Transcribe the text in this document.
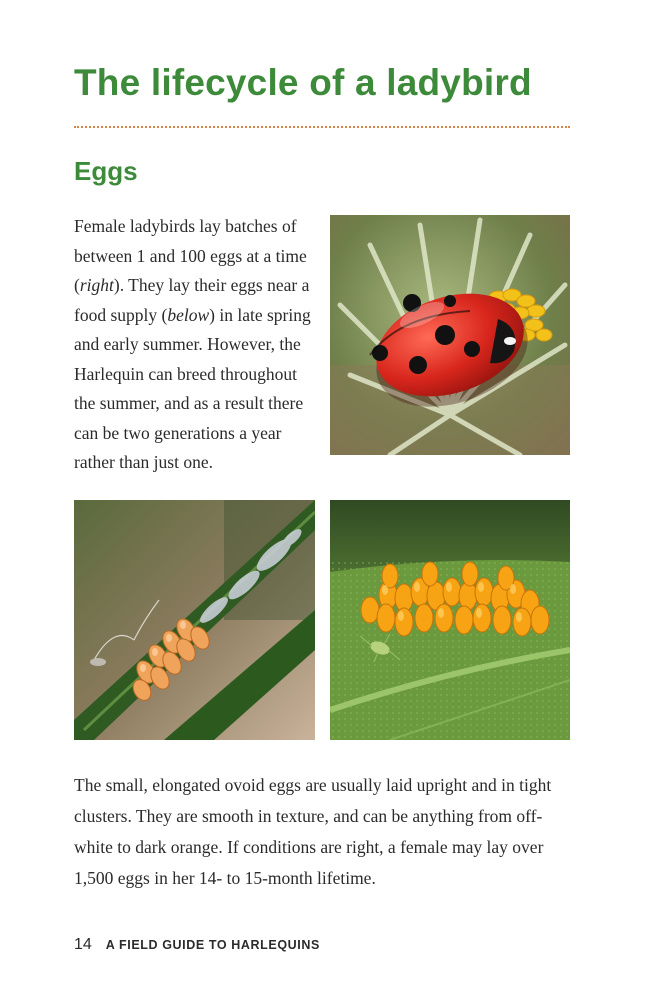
The lifecycle of a ladybird
Eggs

Female ladybirds lay batches of between 1 and 100 eggs at a time (right). They lay their eggs near a food supply (below) in late spring and early summer. However, the Harlequin can breed throughout the summer, and as a result there can be two generations a year rather than just one.

The small, elongated ovoid eggs are usually laid upright and in tight clusters. They are smooth in texture, and can be anything from off-white to dark orange. If conditions are right, a female may lay over 1,500 eggs in her 14- to 15-month lifetime.

14 A FIELD GUIDE TO HARLEQUINS
